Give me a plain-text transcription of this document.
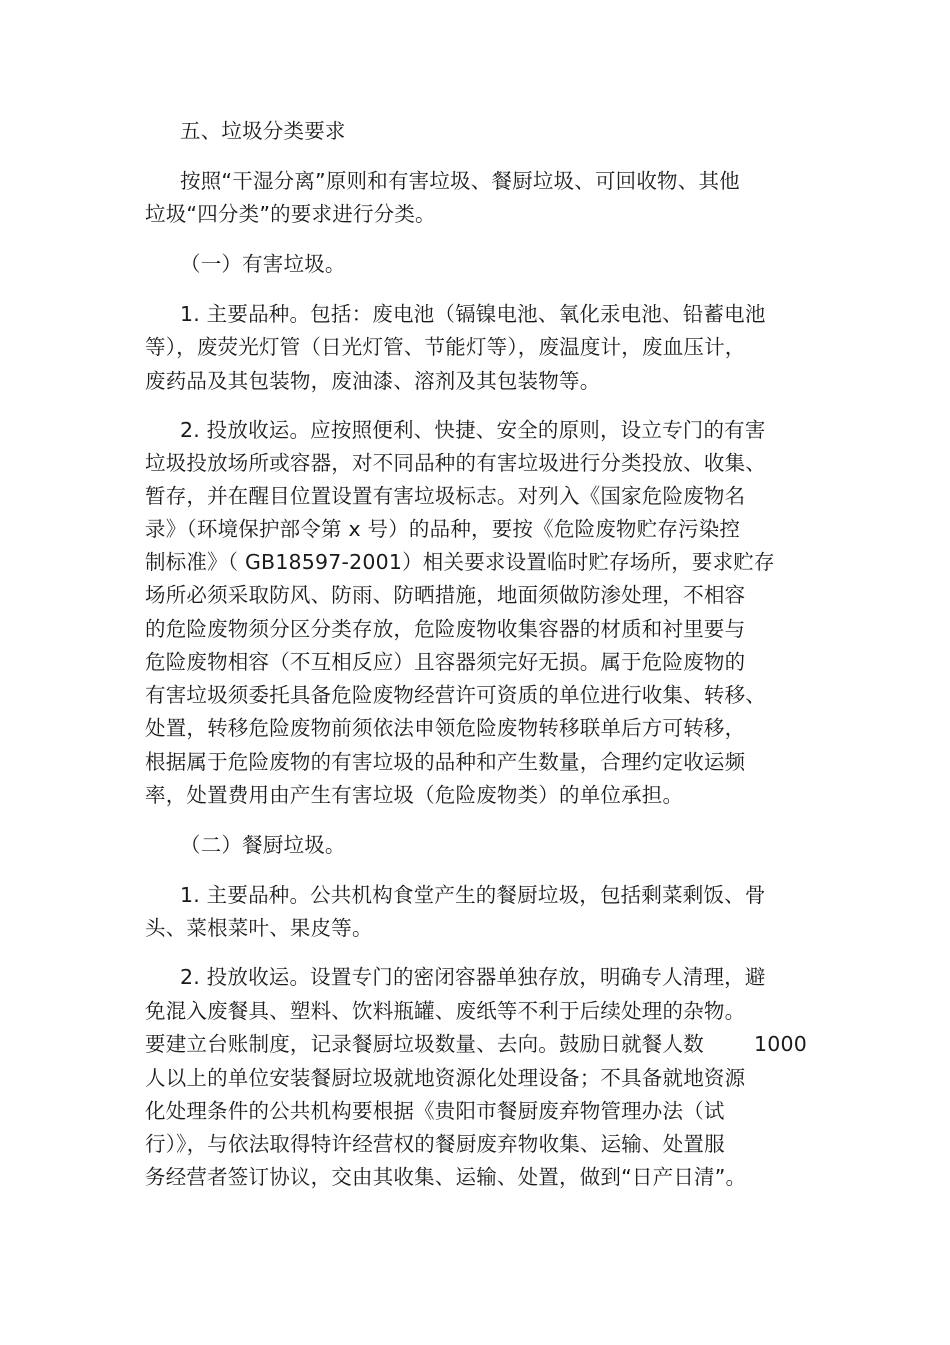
五、垃圾分类要求
按照“干湿分离”原则和有害垃圾、餐厨垃圾、可回收物、其他
垃圾“四分类”的要求进行分类。
（一）有害垃圾。
1. 主要品种。包括：废电池（镉镍电池、氧化汞电池、铅蓄电池
等），废荧光灯管（日光灯管、节能灯等），废温度计，废血压计，
废药品及其包装物，废油漆、溶剂及其包装物等。
2. 投放收运。应按照便利、快捷、安全的原则，设立专门的有害
垃圾投放场所或容器，对不同品种的有害垃圾进行分类投放、收集、
暂存，并在醒目位置设置有害垃圾标志。对列入《国家危险废物名
录》（环境保护部令第 x 号）的品种，要按《危险废物贮存污染控
制标准》（ GB18597-2001）相关要求设置临时贮存场所，要求贮存
场所必须采取防风、防雨、防晒措施，地面须做防渗处理，不相容
的危险废物须分区分类存放，危险废物收集容器的材质和衬里要与
危险废物相容（不互相反应）且容器须完好无损。属于危险废物的
有害垃圾须委托具备危险废物经营许可资质的单位进行收集、转移、
处置，转移危险废物前须依法申领危险废物转移联单后方可转移，
根据属于危险废物的有害垃圾的品种和产生数量，合理约定收运频
率，处置费用由产生有害垃圾（危险废物类）的单位承担。
（二）餐厨垃圾。
1. 主要品种。公共机构食堂产生的餐厨垃圾，包括剩菜剩饭、骨
头、菜根菜叶、果皮等。
2. 投放收运。设置专门的密闭容器单独存放，明确专人清理，避
免混入废餐具、塑料、饮料瓶罐、废纸等不利于后续处理的杂物。
要建立台账制度，记录餐厨垃圾数量、去向。鼓励日就餐人数 1000
人以上的单位安装餐厨垃圾就地资源化处理设备；不具备就地资源
化处理条件的公共机构要根据《贵阳市餐厨废弃物管理办法（试
行）》，与依法取得特许经营权的餐厨废弃物收集、运输、处置服
务经营者签订协议，交由其收集、运输、处置，做到“日产日清”。
